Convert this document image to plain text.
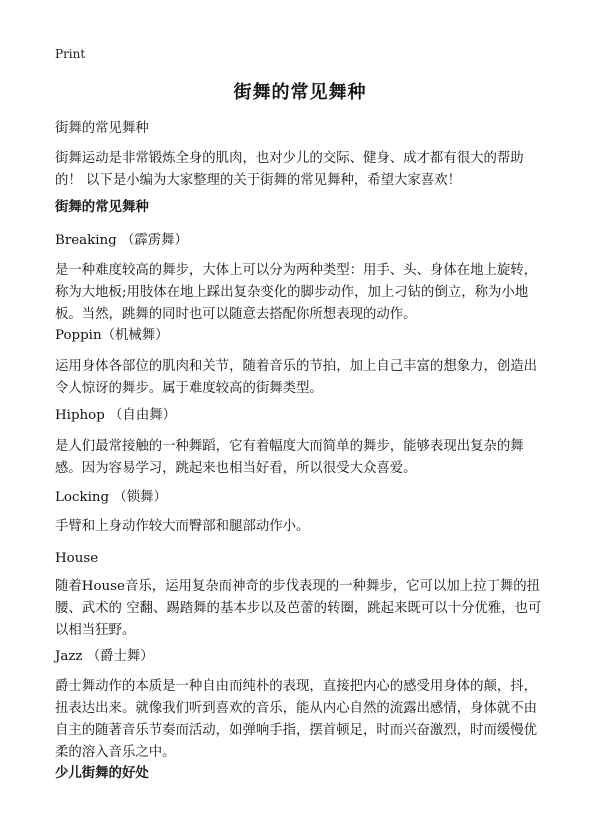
Print
街舞的常见舞种
街舞的常见舞种
街舞运动是非常锻炼全身的肌肉，也对少儿的交际、健身、成才都有很大的帮助的！ 以下是小编为大家整理的关于街舞的常见舞种，希望大家喜欢！
街舞的常见舞种
Breaking （霹雳舞）
是一种难度较高的舞步，大体上可以分为两种类型：用手、头、身体在地上旋转，称为大地板;用肢体在地上踩出复杂变化的脚步动作，加上刁钻的倒立，称为小地板。当然，跳舞的同时也可以随意去搭配你所想表现的动作。
Poppin（机械舞）
运用身体各部位的肌肉和关节，随着音乐的节拍，加上自己丰富的想象力，创造出令人惊讶的舞步。属于难度较高的街舞类型。
Hiphop （自由舞）
是人们最常接触的一种舞蹈，它有着幅度大而简单的舞步，能够表现出复杂的舞感。因为容易学习，跳起来也相当好看，所以很受大众喜爱。
Locking （锁舞）
手臂和上身动作较大而臀部和腿部动作小。
House
随着House音乐，运用复杂而神奇的步伐表现的一种舞步，它可以加上拉丁舞的扭腰、武术的 空翻、踢踏舞的基本步以及芭蕾的转圈，跳起来既可以十分优雅，也可以相当狂野。
Jazz （爵士舞）
爵士舞动作的本质是一种自由而纯朴的表现，直接把内心的感受用身体的颠，抖，扭表达出来。就像我们听到喜欢的音乐，能从内心自然的流露出感情，身体就不由自主的随著音乐节奏而活动，如弹响手指，摆首顿足，时而兴奋激烈，时而缓慢优柔的溶入音乐之中。
少儿街舞的好处
